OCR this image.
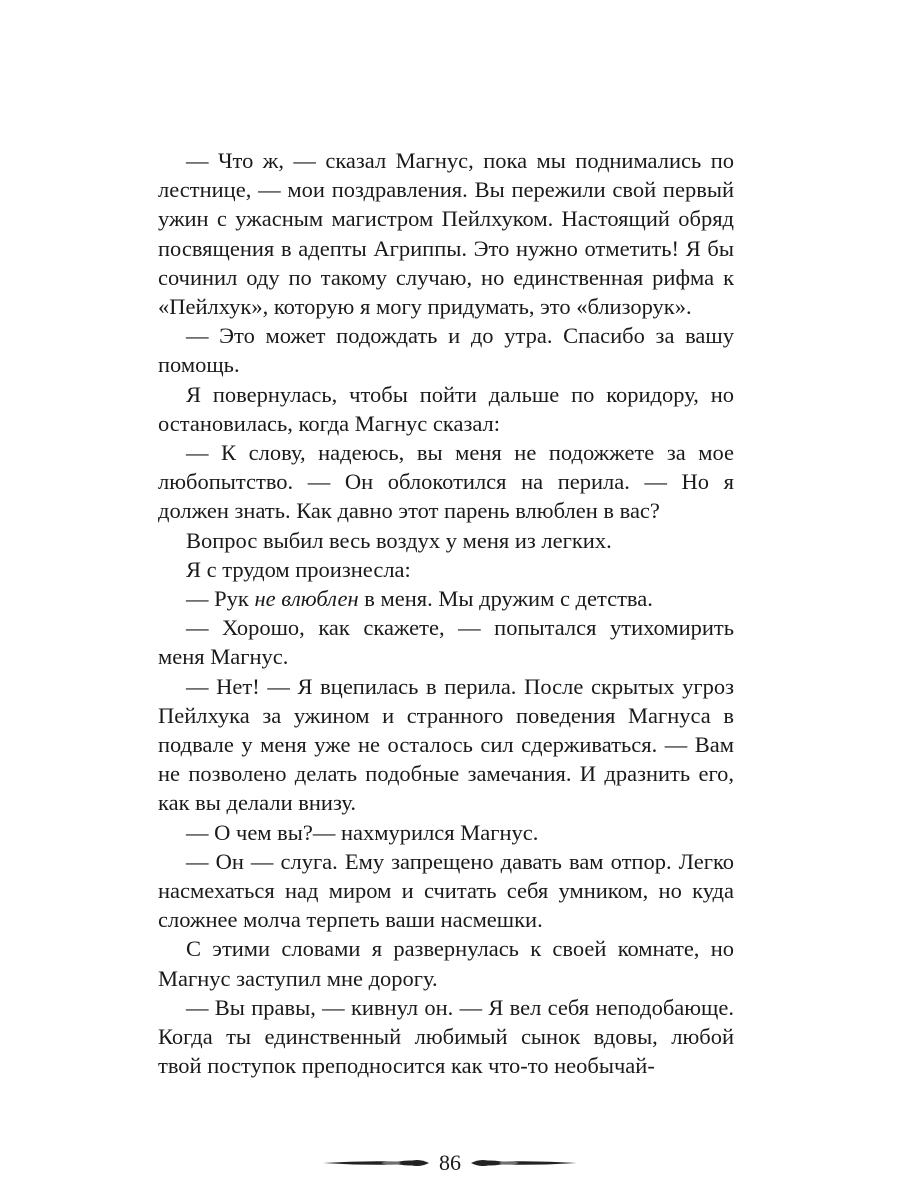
— Что ж, — сказал Магнус, пока мы поднимались по лестнице, — мои поздравления. Вы пережили свой первый ужин с ужасным магистром Пейлхуком. Настоящий обряд посвящения в адепты Агриппы. Это нужно отметить! Я бы сочинил оду по такому случаю, но единственная рифма к «Пейлхук», которую я могу придумать, это «близорук».

— Это может подождать и до утра. Спасибо за вашу помощь.

Я повернулась, чтобы пойти дальше по коридору, но остановилась, когда Магнус сказал:

— К слову, надеюсь, вы меня не подожжете за мое любопытство. — Он облокотился на перила. — Но я должен знать. Как давно этот парень влюблен в вас?

Вопрос выбил весь воздух у меня из легких.

Я с трудом произнесла:

— Рук не влюблен в меня. Мы дружим с детства.

— Хорошо, как скажете, — попытался утихомирить меня Магнус.

— Нет! — Я вцепилась в перила. После скрытых угроз Пейлхука за ужином и странного поведения Магнуса в подвале у меня уже не осталось сил сдерживаться. — Вам не позволено делать подобные замечания. И дразнить его, как вы делали внизу.

— О чем вы?— нахмурился Магнус.

— Он — слуга. Ему запрещено давать вам отпор. Легко насмехаться над миром и считать себя умником, но куда сложнее молча терпеть ваши насмешки.

С этими словами я развернулась к своей комнате, но Магнус заступил мне дорогу.

— Вы правы, — кивнул он. — Я вел себя неподобающе. Когда ты единственный любимый сынок вдовы, любой твой поступок преподносится как что-то необычай-

86
